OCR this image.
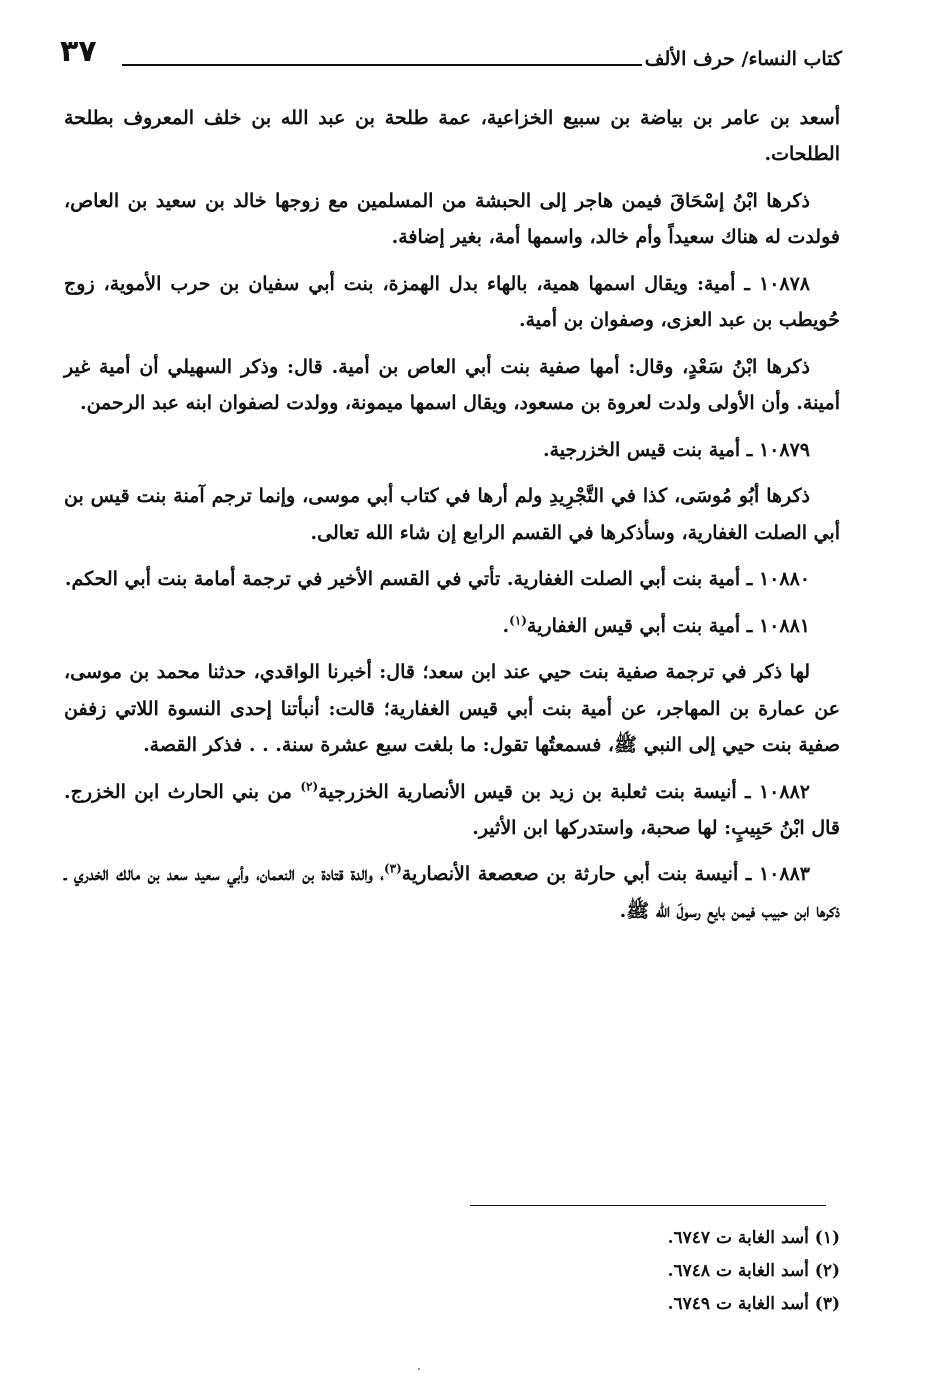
كتاب النساء/ حرف الألف
٣٧

أسعد بن عامر بن بياضة بن سبيع الخزاعية، عمة طلحة بن عبد الله بن خلف المعروف بطلحة الطلحات.

ذكرها ابْنُ إسْحَاقَ فيمن هاجر إلى الحبشة من المسلمين مع زوجها خالد بن سعيد بن العاص، فولدت له هناك سعيداً وأم خالد، واسمها أمة، بغير إضافة.

١٠٨٧٨ ـ أمية: ويقال اسمها همية، بالهاء بدل الهمزة، بنت أبي سفيان بن حرب الأموية، زوج حُويطب بن عبد العزى، وصفوان بن أمية.

ذكرها ابْنُ سَعْدٍ، وقال: أمها صفية بنت أبي العاص بن أمية. قال: وذكر السهيلي أن أمية غير أمينة. وأن الأولى ولدت لعروة بن مسعود، ويقال اسمها ميمونة، وولدت لصفوان ابنه عبد الرحمن.

١٠٨٧٩ ـ أمية بنت قيس الخزرجية.

ذكرها أبُو مُوسَى، كذا في التَّجْرِيدِ ولم أرها في كتاب أبي موسى، وإنما ترجم آمنة بنت قيس بن أبي الصلت الغفارية، وسأذكرها في القسم الرابع إن شاء الله تعالى.

١٠٨٨٠ ـ أمية بنت أبي الصلت الغفارية. تأتي في القسم الأخير في ترجمة أمامة بنت أبي الحكم.

١٠٨٨١ ـ أمية بنت أبي قيس الغفارية$^{(١)}$.

لها ذكر في ترجمة صفية بنت حيي عند ابن سعد؛ قال: أخبرنا الواقدي، حدثنا محمد بن موسى، عن عمارة بن المهاجر، عن أمية بنت أبي قيس الغفارية؛ قالت: أنبأتنا إحدى النسوة اللاتي زففن صفية بنت حيي إلى النبي ﷺ، فسمعتُها تقول: ما بلغت سبع عشرة سنة. . . فذكر القصة.

١٠٨٨٢ ـ أنيسة بنت ثعلبة بن زيد بن قيس الأنصارية الخزرجية$^{(٢)}$ من بني الحارث ابن الخزرج. قال ابْنُ حَبِيبٍ: لها صحبة، واستدركها ابن الأثير.

١٠٨٨٣ ـ أنيسة بنت أبي حارثة بن صعصعة الأنصارية$^{(٣)}$، والدة قتادة بن النعمان، وأبي سعيد سعد بن مالك الخدري ـ ذكرها ابن حبيب فيمن بايع رسولَ الله ﷺ.

(١) أسد الغابة ت ٦٧٤٧.
(٢) أسد الغابة ت ٦٧٤٨.
(٣) أسد الغابة ت ٦٧٤٩.
